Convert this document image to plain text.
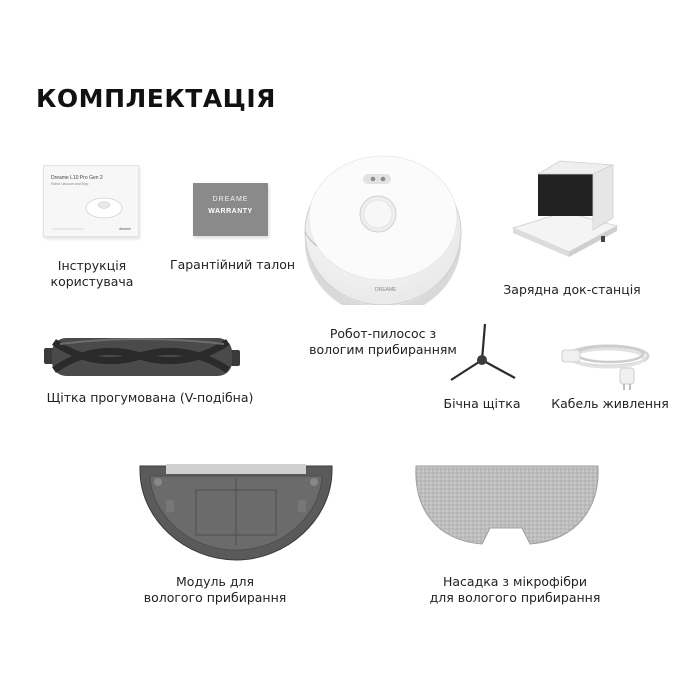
КОМПЛЕКТАЦІЯ
Dreame L10 Pro Gen 2
Robot Vacuum and Mop
dreame
Інструкція
користувача
DREAME
WARRANTY
Гарантійний талон
DREAME
Робот-пилосос з
вологим прибиранням
Зарядна док-станція
Щітка прогумована (V-подібна)	Бічна щітка	Кабель живлення
Модуль для
вологого прибирання
Насадка з мікрофібри
для вологого прибирання
